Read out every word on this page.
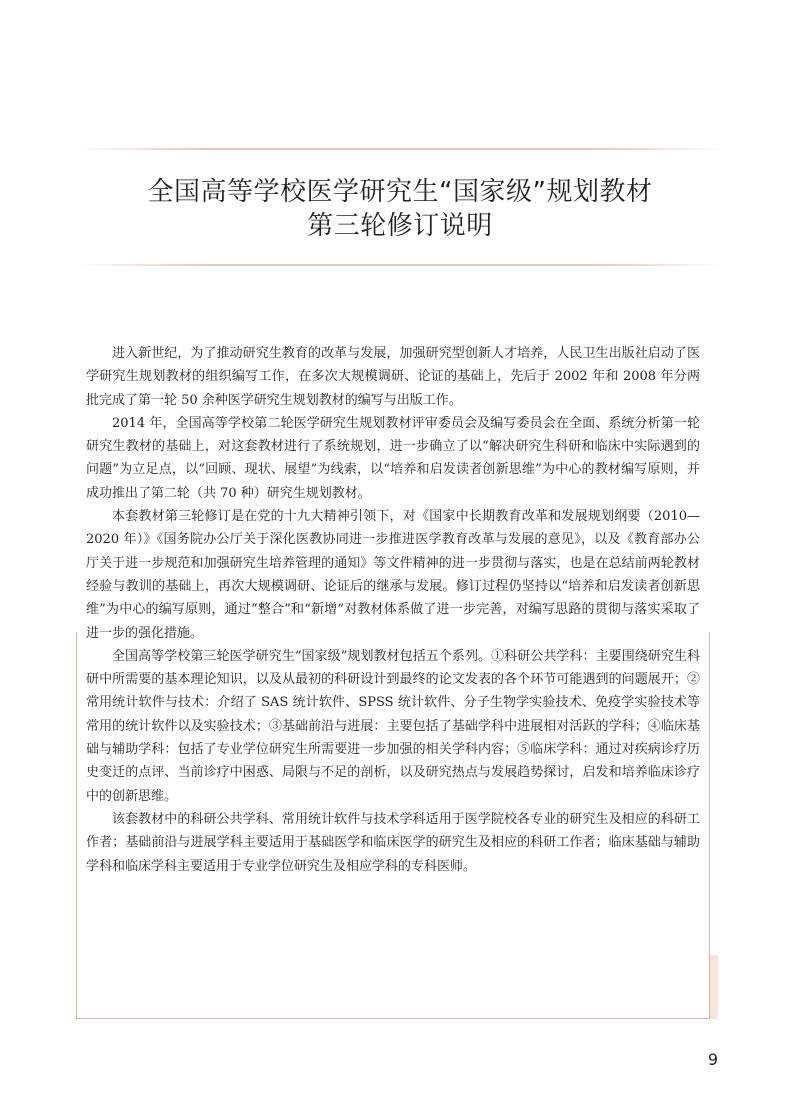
全国高等学校医学研究生“国家级”规划教材
第三轮修订说明

进入新世纪，为了推动研究生教育的改革与发展，加强研究型创新人才培养，人民卫生出版社启动了医学研究生规划教材的组织编写工作，在多次大规模调研、论证的基础上，先后于 2002 年和 2008 年分两批完成了第一轮 50 余种医学研究生规划教材的编写与出版工作。

2014 年，全国高等学校第二轮医学研究生规划教材评审委员会及编写委员会在全面、系统分析第一轮研究生教材的基础上，对这套教材进行了系统规划，进一步确立了以“解决研究生科研和临床中实际遇到的问题”为立足点，以“回顾、现状、展望”为线索，以“培养和启发读者创新思维”为中心的教材编写原则，并成功推出了第二轮（共 70 种）研究生规划教材。

本套教材第三轮修订是在党的十九大精神引领下，对《国家中长期教育改革和发展规划纲要（2010—2020 年）》《国务院办公厅关于深化医教协同进一步推进医学教育改革与发展的意见》，以及《教育部办公厅关于进一步规范和加强研究生培养管理的通知》等文件精神的进一步贯彻与落实，也是在总结前两轮教材经验与教训的基础上，再次大规模调研、论证后的继承与发展。修订过程仍坚持以“培养和启发读者创新思维”为中心的编写原则，通过“整合”和“新增”对教材体系做了进一步完善，对编写思路的贯彻与落实采取了进一步的强化措施。

全国高等学校第三轮医学研究生“国家级”规划教材包括五个系列。①科研公共学科：主要围绕研究生科研中所需要的基本理论知识，以及从最初的科研设计到最终的论文发表的各个环节可能遇到的问题展开；②常用统计软件与技术：介绍了 SAS 统计软件、SPSS 统计软件、分子生物学实验技术、免疫学实验技术等常用的统计软件以及实验技术；③基础前沿与进展：主要包括了基础学科中进展相对活跃的学科；④临床基础与辅助学科：包括了专业学位研究生所需要进一步加强的相关学科内容；⑤临床学科：通过对疾病诊疗历史变迁的点评、当前诊疗中困惑、局限与不足的剖析，以及研究热点与发展趋势探讨，启发和培养临床诊疗中的创新思维。

该套教材中的科研公共学科、常用统计软件与技术学科适用于医学院校各专业的研究生及相应的科研工作者；基础前沿与进展学科主要适用于基础医学和临床医学的研究生及相应的科研工作者；临床基础与辅助学科和临床学科主要适用于专业学位研究生及相应学科的专科医师。

9
